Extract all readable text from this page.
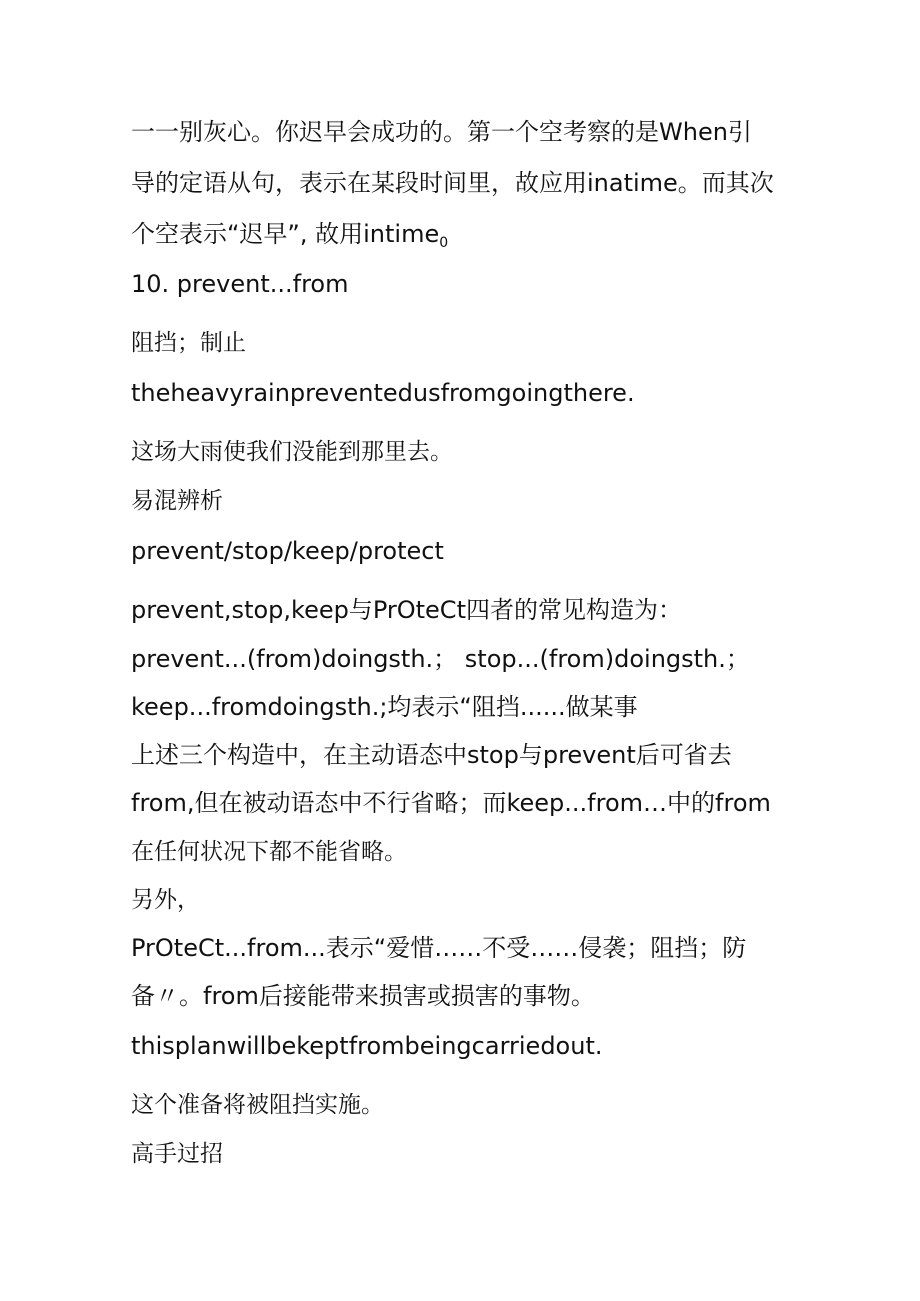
一一别灰心。你迟早会成功的。第一个空考察的是When引
导的定语从句，表示在某段时间里，故应用inatime。而其次
个空表示“迟早”, 故用intime$_0$
10. prevent...from
阻挡；制止
theheavyrainpreventedusfromgoingthere.
这场大雨使我们没能到那里去。
易混辨析
prevent/stop/keep/protect
prevent,stop,keep与PrOteCt四者的常见构造为：
prevent...(from)doingsth.； stop...(from)doingsth.；
keep...fromdoingsth.;均表示“阻挡......做某事
上述三个构造中，在主动语态中stop与prevent后可省去
from,但在被动语态中不行省略；而keep...from…中的from
在任何状况下都不能省略。
另外，
PrOteCt...from...表示“爱惜……不受……侵袭；阻挡；防
备〃。from后接能带来损害或损害的事物。
thisplanwillbekeptfrombeingcarriedout.
这个准备将被阻挡实施。
高手过招
